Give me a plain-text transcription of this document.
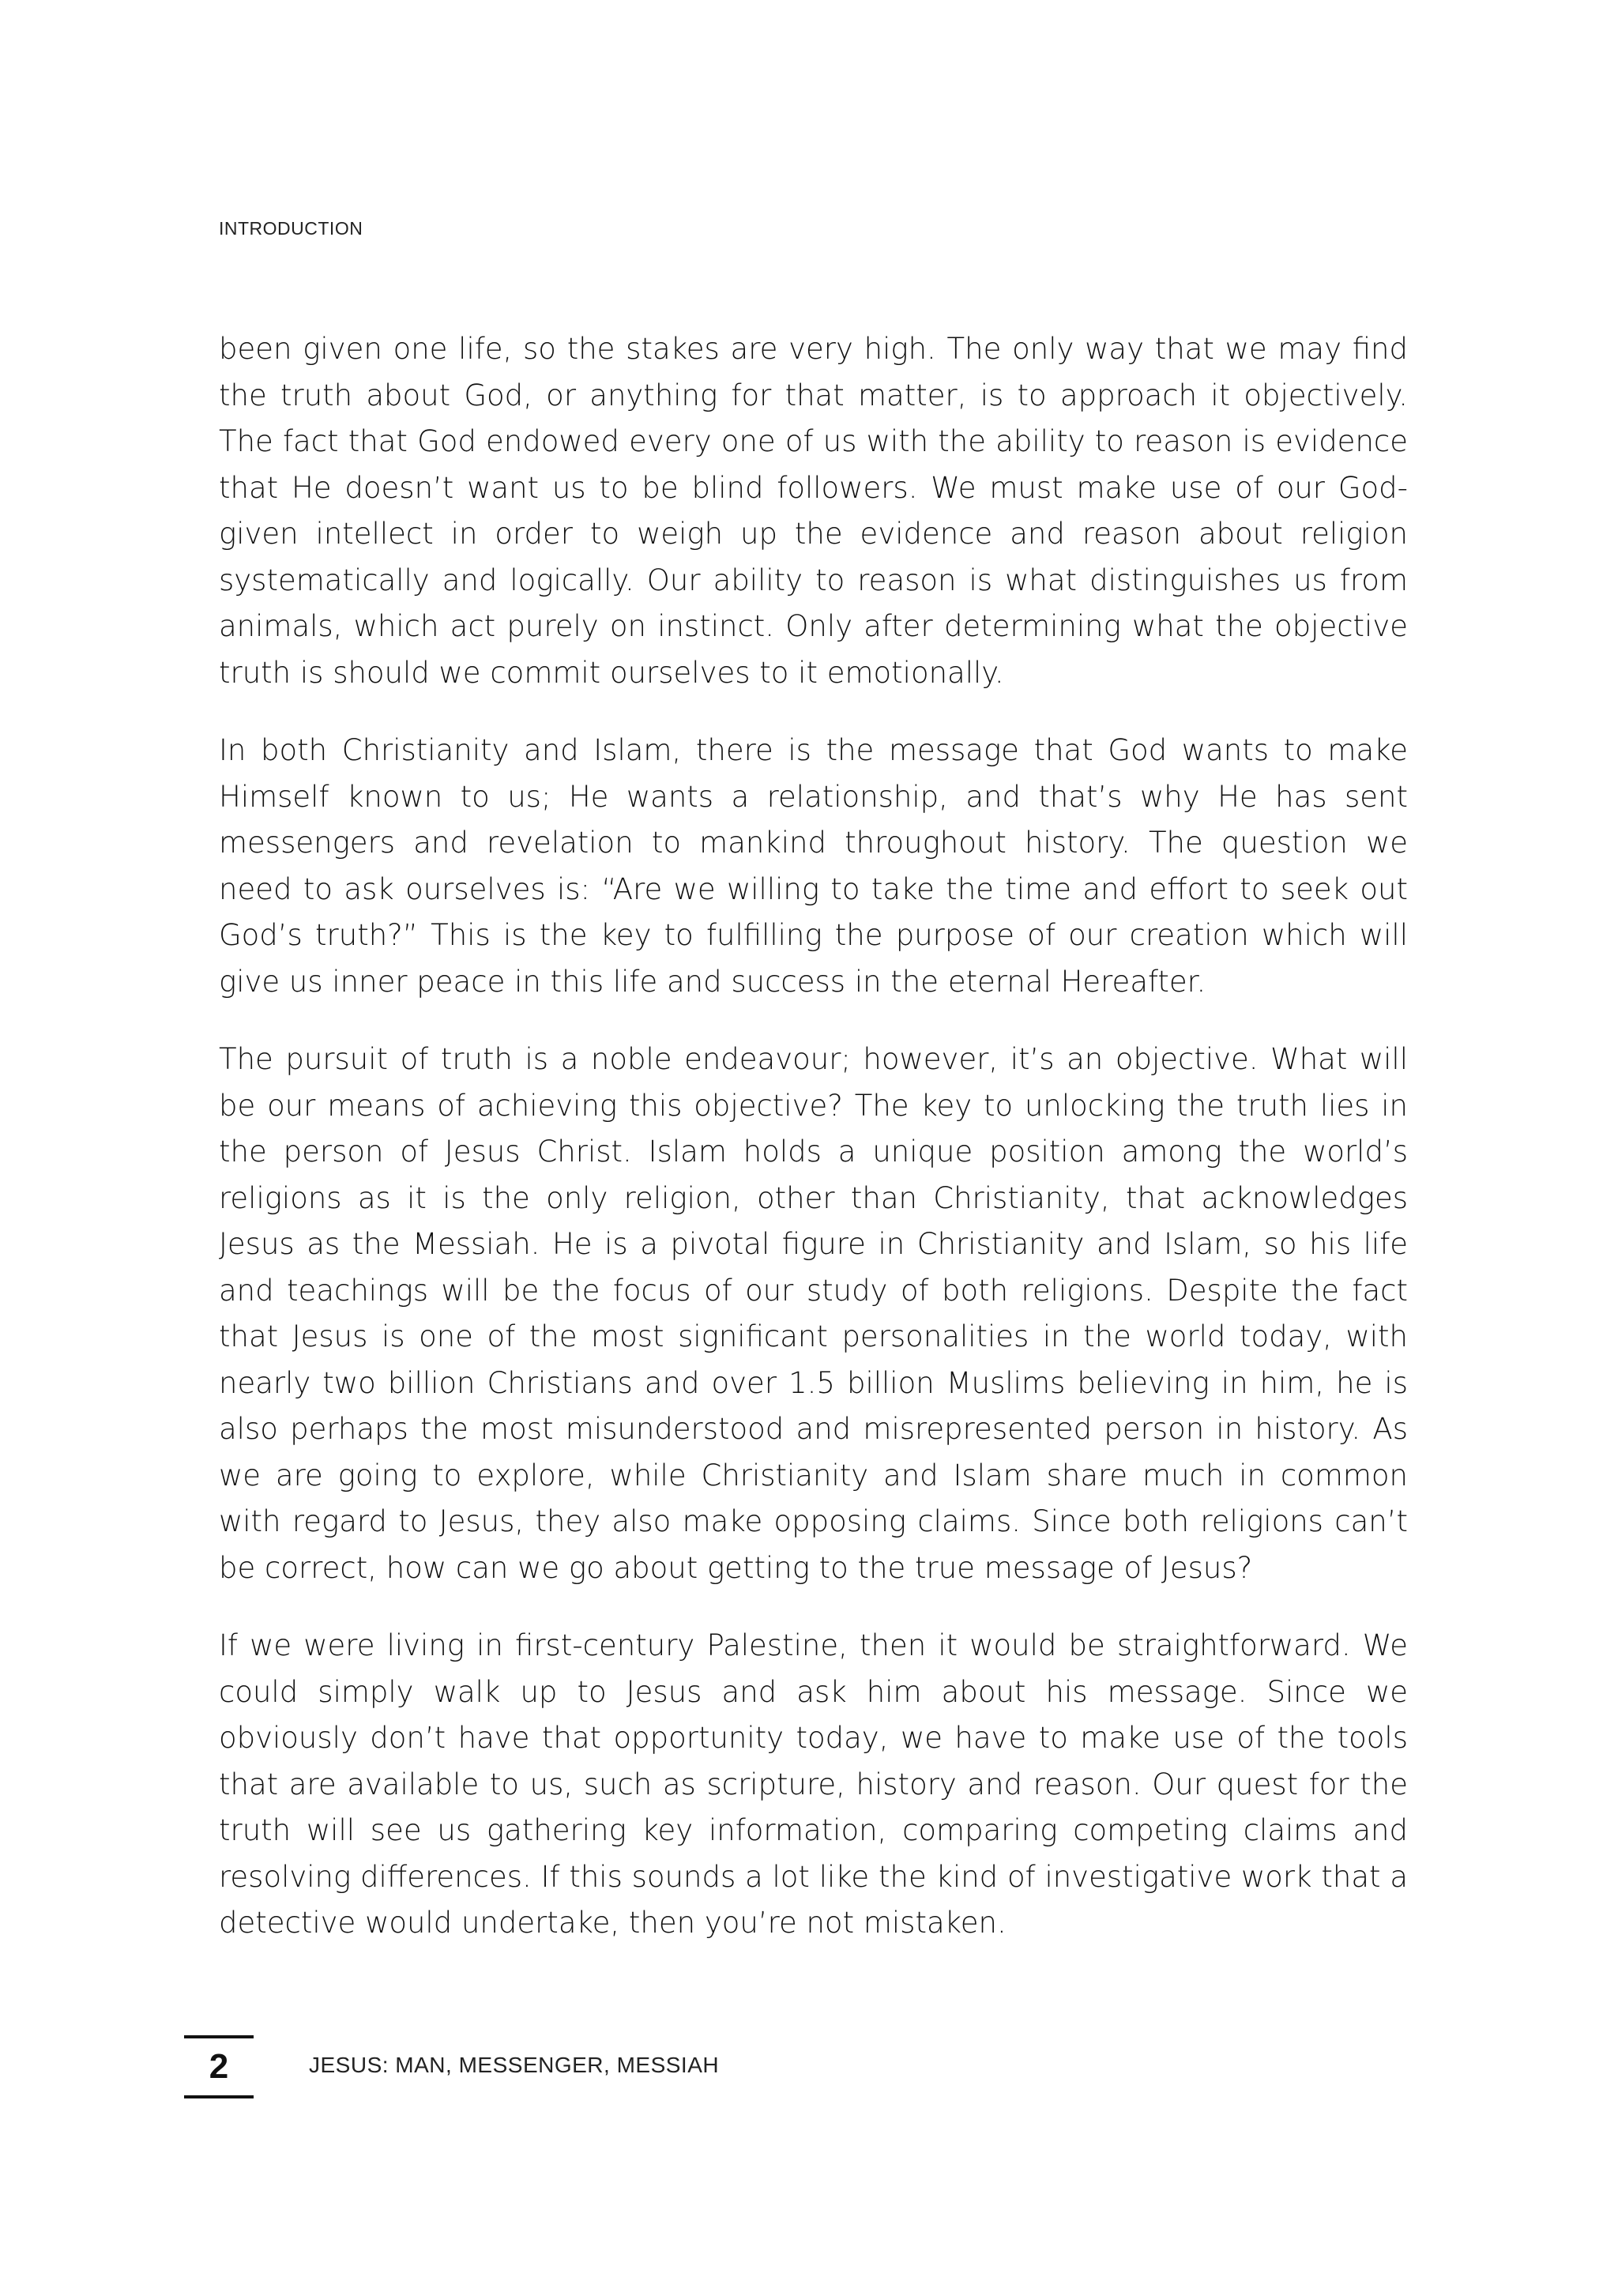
INTRODUCTION

been given one life, so the stakes are very high. The only way that we may find the truth about God, or anything for that matter, is to approach it objectively. The fact that God endowed every one of us with the ability to reason is evidence that He doesn’t want us to be blind followers. We must make use of our God-given intellect in order to weigh up the evidence and reason about religion systematically and logically. Our ability to reason is what distinguishes us from animals, which act purely on instinct. Only after determining what the objective truth is should we commit ourselves to it emotionally.

In both Christianity and Islam, there is the message that God wants to make Himself known to us; He wants a relationship, and that’s why He has sent messengers and revelation to mankind throughout history. The question we need to ask ourselves is: “Are we willing to take the time and effort to seek out God’s truth?” This is the key to fulfilling the purpose of our creation which will give us inner peace in this life and success in the eternal Hereafter.

The pursuit of truth is a noble endeavour; however, it’s an objective. What will be our means of achieving this objective? The key to unlocking the truth lies in the person of Jesus Christ. Islam holds a unique position among the world’s religions as it is the only religion, other than Christianity, that acknowledges Jesus as the Messiah. He is a pivotal figure in Christianity and Islam, so his life and teachings will be the focus of our study of both religions. Despite the fact that Jesus is one of the most significant personalities in the world today, with nearly two billion Christians and over 1.5 billion Muslims believing in him, he is also perhaps the most misunderstood and misrepresented person in history. As we are going to explore, while Christianity and Islam share much in common with regard to Jesus, they also make opposing claims. Since both religions can’t be correct, how can we go about getting to the true message of Jesus?

If we were living in first-century Palestine, then it would be straightforward. We could simply walk up to Jesus and ask him about his message. Since we obviously don’t have that opportunity today, we have to make use of the tools that are available to us, such as scripture, history and reason. Our quest for the truth will see us gathering key information, comparing competing claims and resolving differences. If this sounds a lot like the kind of investigative work that a detective would undertake, then you’re not mistaken.

2	JESUS: MAN, MESSENGER, MESSIAH
